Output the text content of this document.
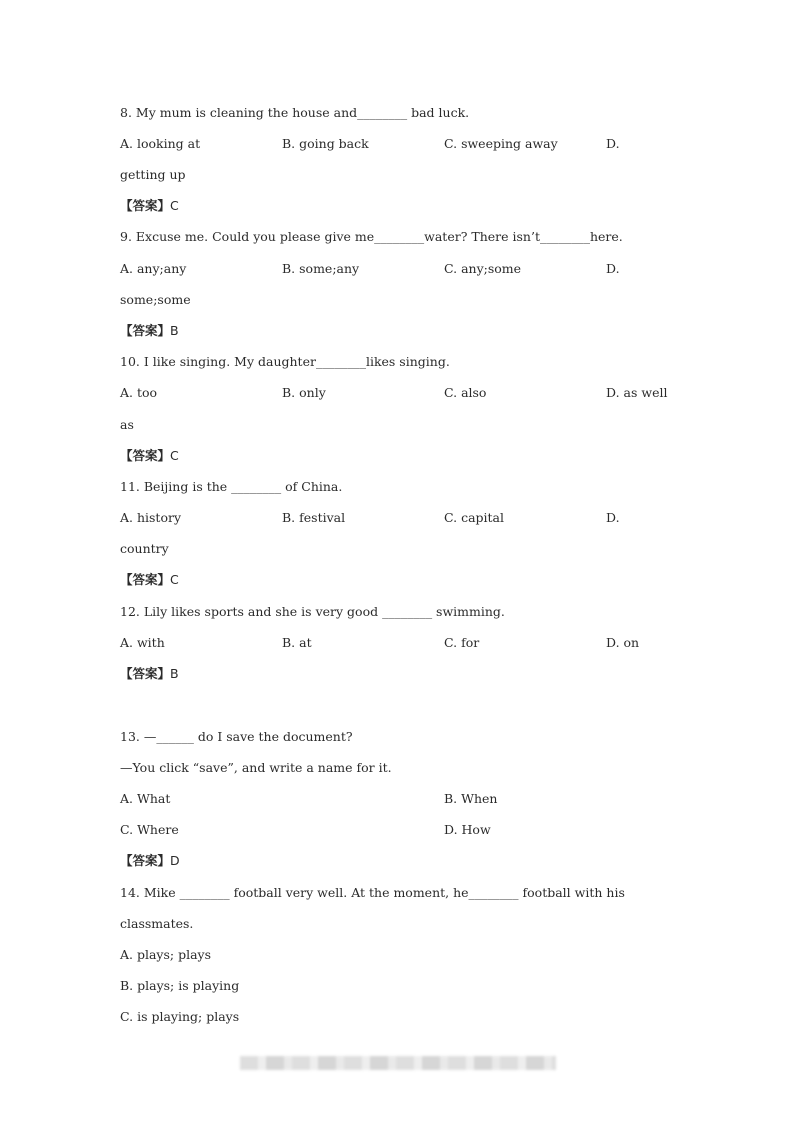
8. My mum is cleaning the house and________ bad luck.
A. looking at	B. going back	C. sweeping away	D.
getting up
【答案】C
9. Excuse me. Could you please give me________water? There isn’t________here.
A. any;any	B. some;any	C. any;some	D.
some;some
【答案】B
10. I like singing. My daughter________likes singing.
A. too	B. only	C. also	D. as well
as
【答案】C
11. Beijing is the ________ of China.
A. history	B. festival	C. capital	D.
country
【答案】C
12. Lily likes sports and she is very good ________ swimming.
A. with	B. at	C. for	D. on
【答案】B
13. —______ do I save the document?
—You click “save”, and write a name for it.
A. What	B. When
C. Where	D. How
【答案】D
14. Mike ________ football very well. At the moment, he________ football with his
classmates.
A. plays; plays
B. plays; is playing
C. is playing; plays
